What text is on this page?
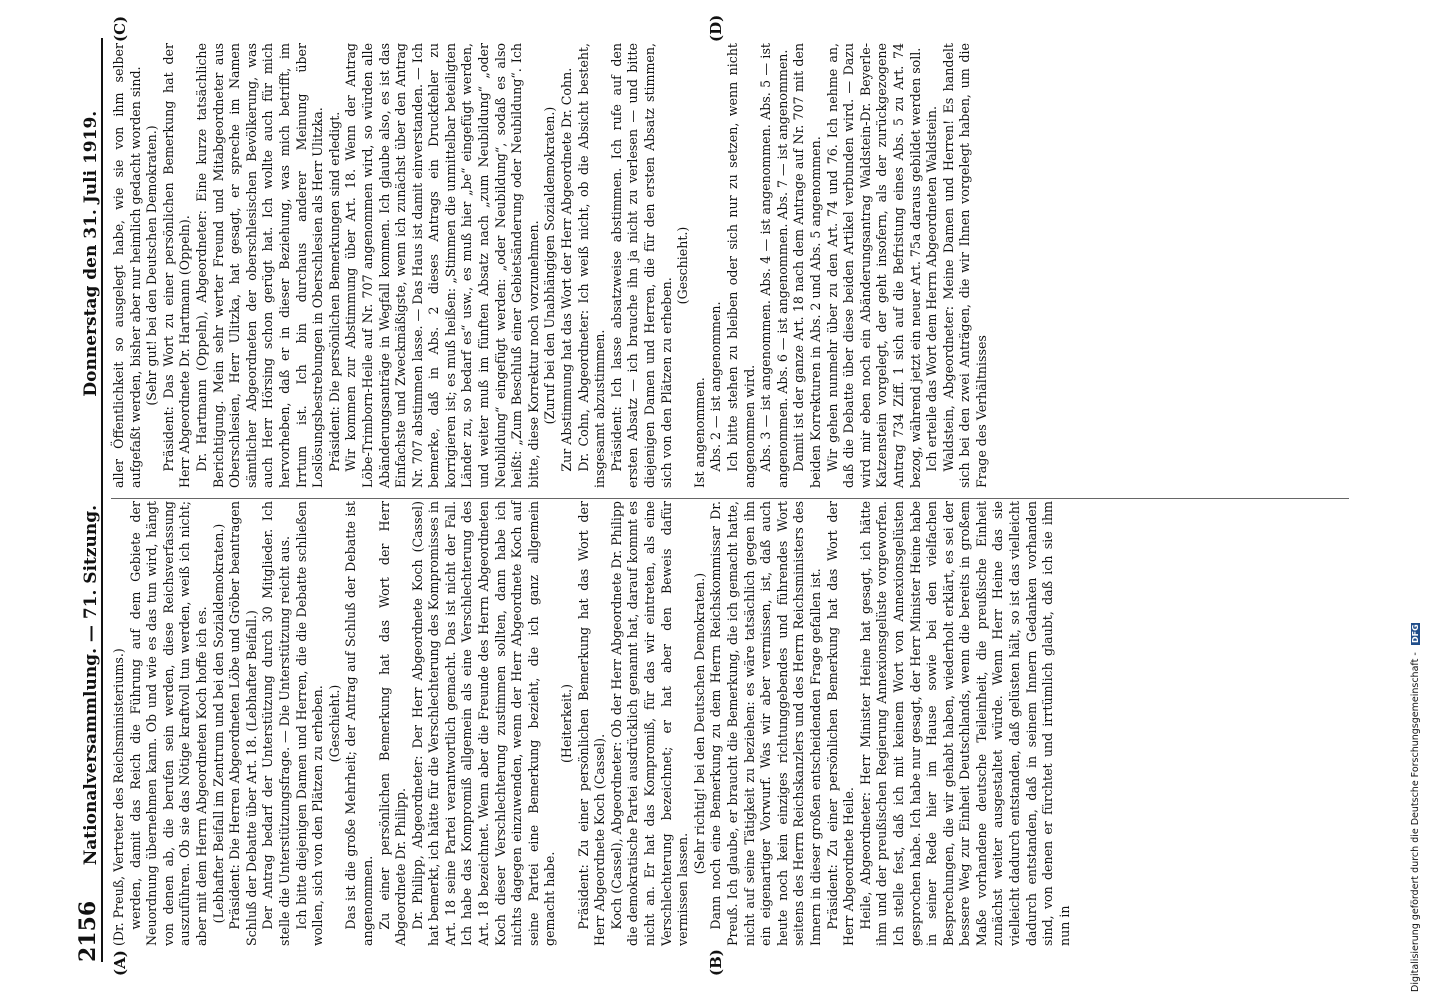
2156
Nationalversammlung. — 71. Sitzung.
Donnerstag den 31. Juli 1919.
(A)	(B)
(C)	(D)

(Dr. Preuß, Vertreter des Reichsministeriums.) werden, damit das Reich die Führung auf dem Gebiete der Neuordnung übernehmen kann. Ob und wie es das tun wird, hängt von denen ab, die berufen sein werden, diese Reichsverfassung auszuführen. Ob sie das Nötige kraftvoll tun werden, weiß ich nicht; aber mit dem Herrn Abgeordneten Koch hoffe ich es. (Lebhafter Beifall im Zentrum und bei den Sozialdemokraten.) Präsident: Die Herren Abgeordneten Löbe und Gröber beantragen Schluß der Debatte über Art. 18. (Lebhafter Beifall.) Der Antrag bedarf der Unterstützung durch 30 Mitglieder. Ich stelle die Unterstützungsfrage. — Die Unterstützung reicht aus. Ich bitte diejenigen Damen und Herren, die die Debatte schließen wollen, sich von den Plätzen zu erheben. (Geschieht.) Das ist die große Mehrheit; der Antrag auf Schluß der Debatte ist angenommen. Zu einer persönlichen Bemerkung hat das Wort der Herr Abgeordnete Dr. Philipp. Dr. Philipp, Abgeordneter: Der Herr Abgeordnete Koch (Cassel) hat bemerkt, ich hätte für die Verschlechterung des Kompromisses in Art. 18 seine Partei verantwortlich gemacht. Das ist nicht der Fall. Ich habe das Kompromiß allgemein als eine Verschlechterung des Art. 18 bezeichnet. Wenn aber die Freunde des Herrn Abgeordneten Koch dieser Verschlechterung zustimmen sollten, dann habe ich nichts dagegen einzuwenden, wenn der Herr Abgeordnete Koch auf seine Partei eine Bemerkung bezieht, die ich ganz allgemein gemacht habe.

(Heiterkeit.) Präsident: Zu einer persönlichen Bemerkung hat das Wort der Herr Abgeordnete Koch (Cassel). Koch (Cassel), Abgeordneter: Ob der Herr Abgeordnete Dr. Philipp die demokratische Partei ausdrücklich genannt hat, darauf kommt es nicht an. Er hat das Kompromiß, für das wir eintreten, als eine Verschlechterung bezeichnet; er hat aber den Beweis dafür vermissen lassen.

(Sehr richtig! bei den Deutschen Demokraten.) Dann noch eine Bemerkung zu dem Herrn Reichskommissar Dr. Preuß. Ich glaube, er braucht die Bemerkung, die ich gemacht hatte, nicht auf seine Tätigkeit zu beziehen: es wäre tatsächlich gegen ihn ein eigenartiger Vorwurf. Was wir aber vermissen, ist, daß auch heute noch kein einziges richtunggebendes und führendes Wort seitens des Herrn Reichskanzlers und des Herrn Reichsministers des Innern in dieser großen entscheidenden Frage gefallen ist. Präsident: Zu einer persönlichen Bemerkung hat das Wort der Herr Abgeordnete Heile. Heile, Abgeordneter: Herr Minister Heine hat gesagt, ich hätte ihm und der preußischen Regierung Annexionsgelüste vorgeworfen. Ich stelle fest, daß ich mit keinem Wort von Annexionsgelüsten gesprochen habe. Ich habe nur gesagt, der Herr Minister Heine habe in seiner Rede hier im Hause sowie bei den vielfachen Besprechungen, die wir gehabt haben, wiederholt erklärt, es sei der bessere Weg zur Einheit Deutschlands, wenn die bereits in großem Maße vorhandene deutsche Teileinheit, die preußische Einheit zunächst weiter ausgestaltet würde. Wenn Herr Heine das sie vielleicht dadurch entstanden, daß gelüsten hält, so ist das vielleicht dadurch entstanden, daß in seinem Innern Gedanken vorhanden sind, von denen er fürchtet und irrtümlich glaubt, daß ich sie ihm nun in

aller Öffentlichkeit so ausgelegt habe, wie sie von ihm selber aufgefaßt werden, bisher aber nur heimlich gedacht worden sind. (Sehr gut! bei den Deutschen Demokraten.) Präsident: Das Wort zu einer persönlichen Bemerkung hat der Herr Abgeordnete Dr. Hartmann (Oppeln). Dr. Hartmann (Oppeln), Abgeordneter: Eine kurze tatsächliche Berichtigung. Mein sehr werter Freund und Mitabgeordneter aus Oberschlesien, Herr Ulitzka, hat gesagt, er spreche im Namen sämtlicher Abgeordneten der oberschlesischen Bevölkerung, was auch Herr Hörsing schon gerügt hat. Ich wollte auch für mich hervorheben, daß er in dieser Beziehung, was mich betrifft, im Irrtum ist. Ich bin durchaus anderer Meinung über Loslösungsbestrebungen in Oberschlesien als Herr Ulitzka. Präsident: Die persönlichen Bemerkungen sind erledigt. Wir kommen zur Abstimmung über Art. 18. Wenn der Antrag Löbe-Trimborn-Heile auf Nr. 707 angenommen wird, so würden alle Abänderungsanträge in Wegfall kommen. Ich glaube also, es ist das Einfachste und Zweckmäßigste, wenn ich zunächst über den Antrag Nr. 707 abstimmen lasse. — Das Haus ist damit einverstanden. — Ich bemerke, daß in Abs. 2 dieses Antrags ein Druckfehler zu korrigieren ist; es muß heißen: „Stimmen die unmittelbar beteiligten Länder zu, so bedarf es“ usw., es muß hier „be“ eingefügt werden, und weiter muß im fünften Absatz nach „zum Neubildung“ „oder Neubildung“ eingefügt werden: „oder Neubildung“, sodaß es also heißt: „Zum Beschluß einer Gebietsänderung oder Neubildung“. Ich bitte, diese Korrektur noch vorzunehmen. (Zuruf bei den Unabhängigen Sozialdemokraten.) Zur Abstimmung hat das Wort der Herr Abgeordnete Dr. Cohn. Dr. Cohn, Abgeordneter: Ich weiß nicht, ob die Absicht besteht, insgesamt abzustimmen. Präsident: Ich lasse absatzweise abstimmen. Ich rufe auf den ersten Absatz — ich brauche ihn ja nicht zu verlesen — und bitte diejenigen Damen und Herren, die für den ersten Absatz stimmen, sich von den Plätzen zu erheben.

(Geschieht.)

Ist angenommen. Abs. 2 — ist angenommen. Ich bitte stehen zu bleiben oder sich nur zu setzen, wenn nicht angenommen wird. Abs. 3 — ist angenommen. Abs. 4 — ist angenommen. Abs. 5 — ist angenommen. Abs. 6 — ist angenommen. Abs. 7 — ist angenommen. Damit ist der ganze Art. 18 nach dem Antrage auf Nr. 707 mit den beiden Korrekturen in Abs. 2 und Abs. 5 angenommen. Wir gehen nunmehr über zu den Art. 74 und 76. Ich nehme an, daß die Debatte über diese beiden Artikel verbunden wird. — Dazu wird mir eben noch ein Abänderungsantrag Waldstein-Dr. Beyerle-Katzenstein vorgelegt, der geht insofern, als der zurückgezogene Antrag 734 Ziff. 1 sich auf die Befristung eines Abs. 5 zu Art. 74 bezog, während jetzt ein neuer Art. 75a daraus gebildet werden soll. Ich erteile das Wort dem Herrn Abgeordneten Waldstein. Waldstein, Abgeordneter: Meine Damen und Herren! Es handelt sich bei den zwei Anträgen, die wir Ihnen vorgelegt haben, um die Frage des Verhältnisses

Digitalisierung gefördert durch die Deutsche Forschungsgemeinschaft - DFG
